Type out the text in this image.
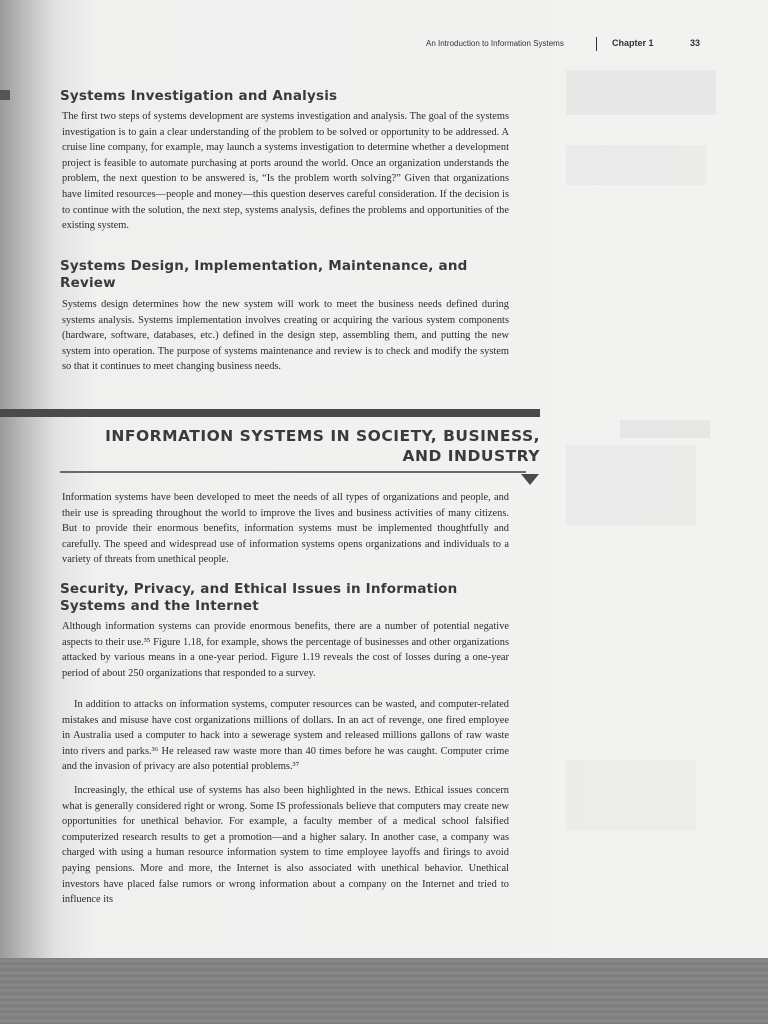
An Introduction to Information Systems	Chapter 1	33
Systems Investigation and Analysis

The first two steps of systems development are systems investigation and analysis. The goal of the systems investigation is to gain a clear understanding of the problem to be solved or opportunity to be addressed. A cruise line company, for example, may launch a systems investigation to determine whether a development project is feasible to automate purchasing at ports around the world. Once an organization understands the problem, the next question to be answered is, “Is the problem worth solving?” Given that organizations have limited resources—people and money—this question deserves careful consideration. If the decision is to continue with the solution, the next step, systems analysis, defines the problems and opportunities of the existing system.

Systems Design, Implementation, Maintenance, and Review

Systems design determines how the new system will work to meet the business needs defined during systems analysis. Systems implementation involves creating or acquiring the various system components (hardware, software, databases, etc.) defined in the design step, assembling them, and putting the new system into operation. The purpose of systems maintenance and review is to check and modify the system so that it continues to meet changing business needs.

INFORMATION SYSTEMS IN SOCIETY, BUSINESS,
AND INDUSTRY

Information systems have been developed to meet the needs of all types of organizations and people, and their use is spreading throughout the world to improve the lives and business activities of many citizens. But to provide their enormous benefits, information systems must be implemented thoughtfully and carefully. The speed and widespread use of information systems opens organizations and individuals to a variety of threats from unethical people.

Security, Privacy, and Ethical Issues in Information Systems and the Internet

Although information systems can provide enormous benefits, there are a number of potential negative aspects to their use.³⁵ Figure 1.18, for example, shows the percentage of businesses and other organizations attacked by various means in a one-year period. Figure 1.19 reveals the cost of losses during a one-year period of about 250 organizations that responded to a survey.

In addition to attacks on information systems, computer resources can be wasted, and computer-related mistakes and misuse have cost organizations millions of dollars. In an act of revenge, one fired employee in Australia used a computer to hack into a sewerage system and released millions gallons of raw waste into rivers and parks.³⁶ He released raw waste more than 40 times before he was caught. Computer crime and the invasion of privacy are also potential problems.³⁷

Increasingly, the ethical use of systems has also been highlighted in the news. Ethical issues concern what is generally considered right or wrong. Some IS professionals believe that computers may create new opportunities for unethical behavior. For example, a faculty member of a medical school falsified computerized research results to get a promotion—and a higher salary. In another case, a company was charged with using a human resource information system to time employee layoffs and firings to avoid paying pensions. More and more, the Internet is also associated with unethical behavior. Unethical investors have placed false rumors or wrong information about a company on the Internet and tried to influence its
